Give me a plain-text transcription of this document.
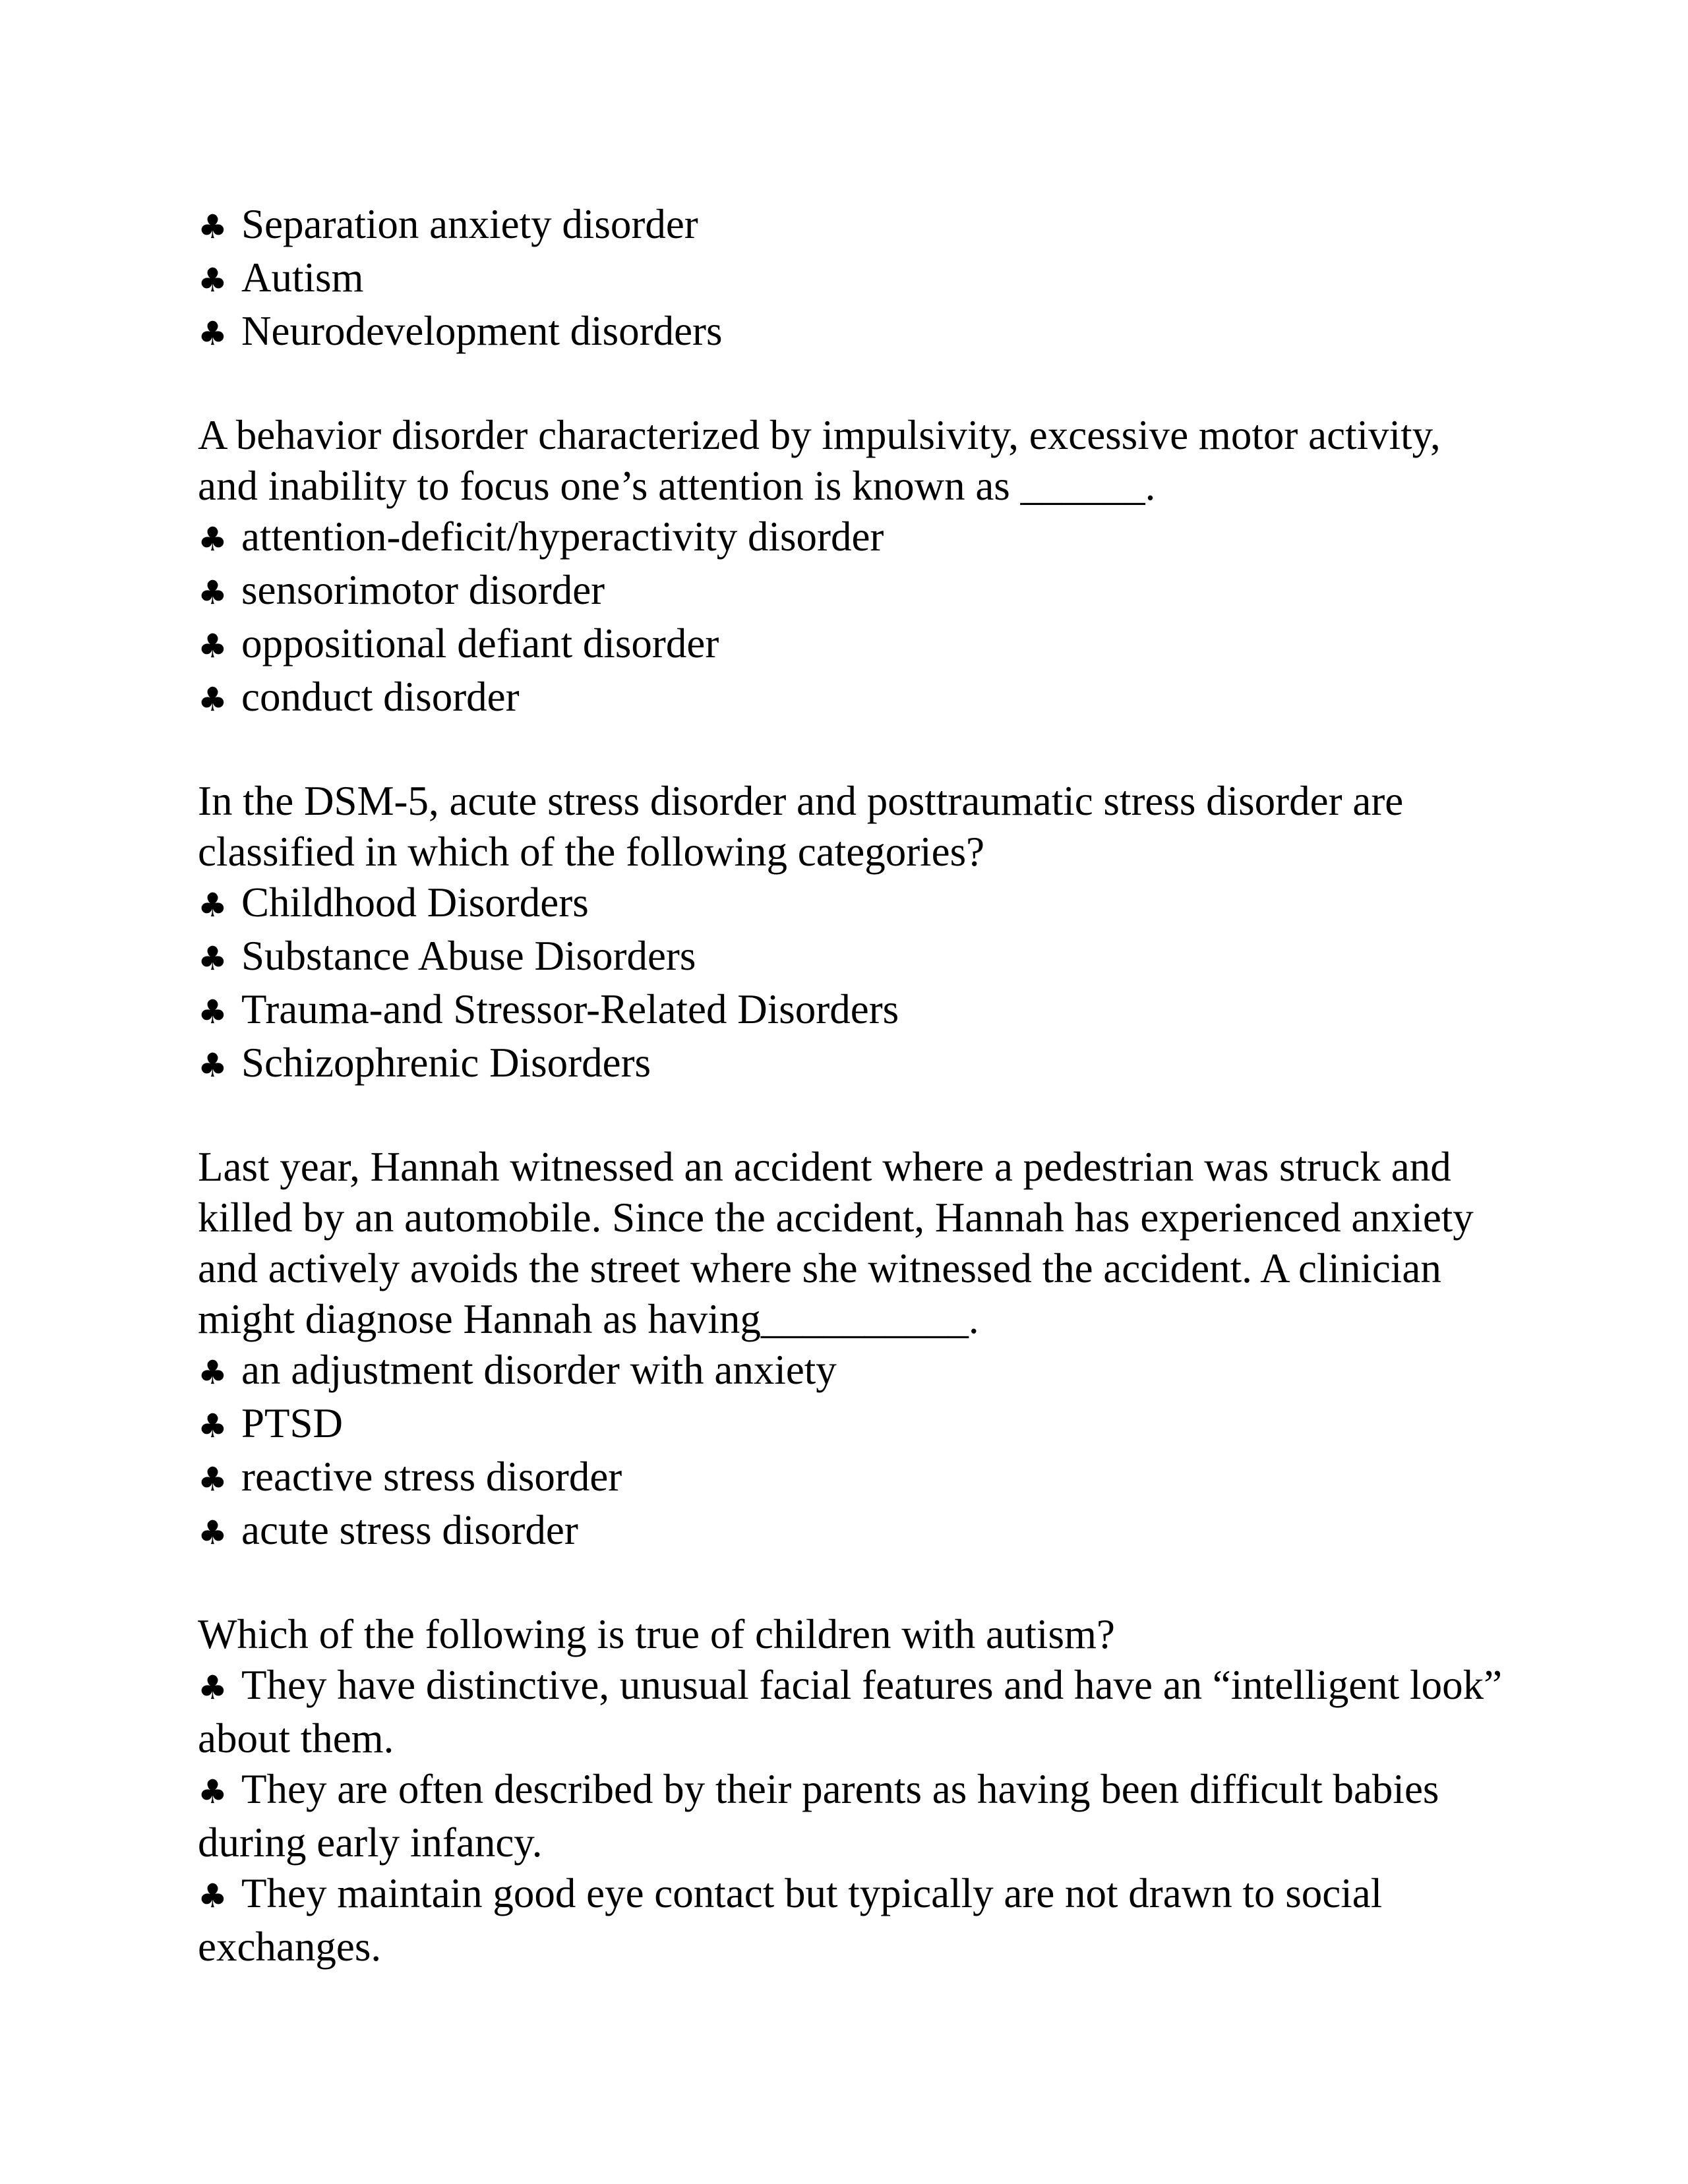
♣ Separation anxiety disorder

♣ Autism

♣ Neurodevelopment disorders

A behavior disorder characterized by impulsivity, excessive motor activity, and inability to focus one’s attention is known as ______.

♣ attention-deficit/hyperactivity disorder

♣ sensorimotor disorder

♣ oppositional defiant disorder

♣ conduct disorder

In the DSM-5, acute stress disorder and posttraumatic stress disorder are classified in which of the following categories?

♣ Childhood Disorders

♣ Substance Abuse Disorders

♣ Trauma-and Stressor-Related Disorders

♣ Schizophrenic Disorders

Last year, Hannah witnessed an accident where a pedestrian was struck and killed by an automobile. Since the accident, Hannah has experienced anxiety and actively avoids the street where she witnessed the accident. A clinician might diagnose Hannah as having__________.

♣ an adjustment disorder with anxiety

♣ PTSD

♣ reactive stress disorder

♣ acute stress disorder

Which of the following is true of children with autism?

♣ They have distinctive, unusual facial features and have an “intelligent look” about them.

♣ They are often described by their parents as having been difficult babies during early infancy.

♣ They maintain good eye contact but typically are not drawn to social exchanges.
